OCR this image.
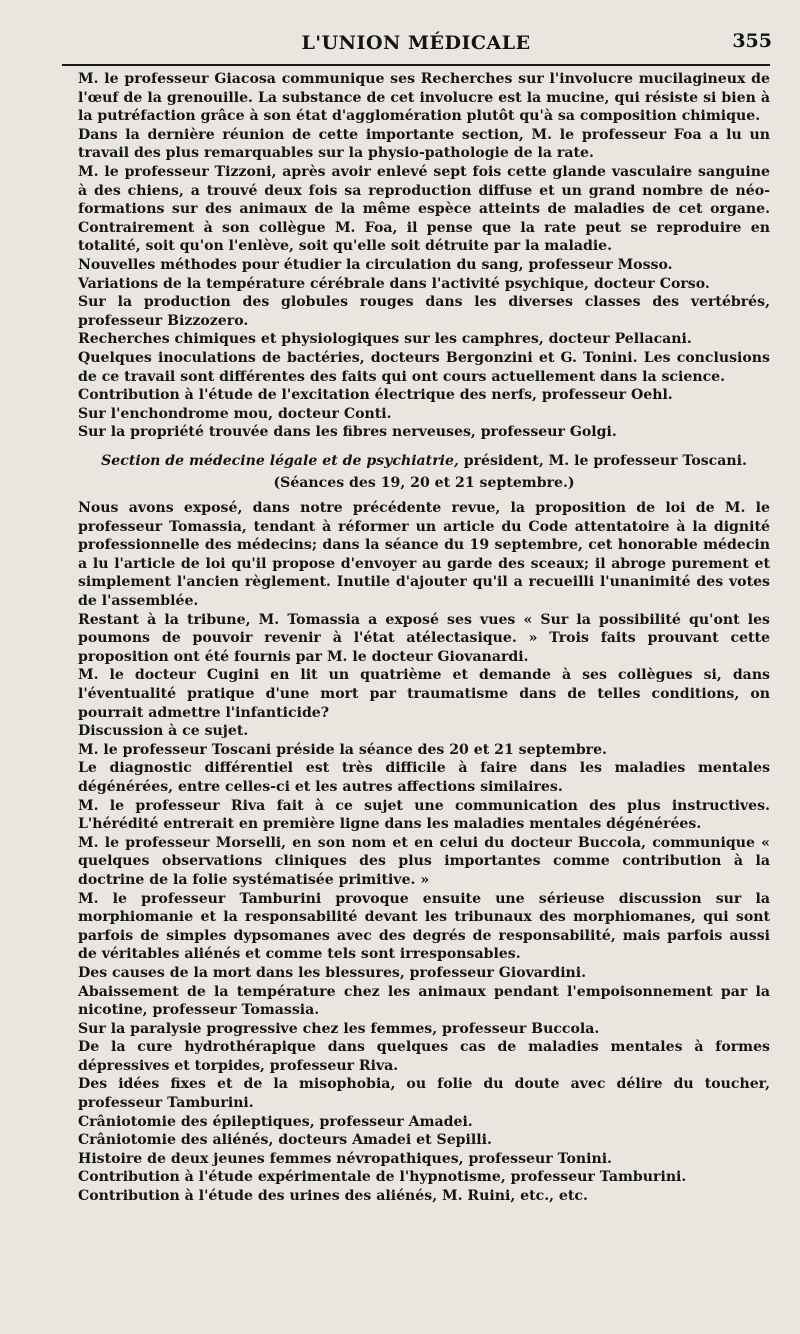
L'UNION MÉDICALE	355

M. le professeur Giacosa communique ses Recherches sur l'involucre mucilagineux de l'œuf de la grenouille. La substance de cet involucre est la mucine, qui résiste si bien à la putréfaction grâce à son état d'agglomération plutôt qu'à sa composition chimique.

Dans la dernière réunion de cette importante section, M. le professeur Foa a lu un travail des plus remarquables sur la physio-pathologie de la rate.

M. le professeur Tizzoni, après avoir enlevé sept fois cette glande vasculaire sanguine à des chiens, a trouvé deux fois sa reproduction diffuse et un grand nombre de néo-formations sur des animaux de la même espèce atteints de maladies de cet organe. Contrairement à son collègue M. Foa, il pense que la rate peut se reproduire en totalité, soit qu'on l'enlève, soit qu'elle soit détruite par la maladie.

Nouvelles méthodes pour étudier la circulation du sang, professeur Mosso.

Variations de la température cérébrale dans l'activité psychique, docteur Corso.

Sur la production des globules rouges dans les diverses classes des vertébrés, professeur Bizzozero.

Recherches chimiques et physiologiques sur les camphres, docteur Pellacani.

Quelques inoculations de bactéries, docteurs Bergonzini et G. Tonini. Les conclusions de ce travail sont différentes des faits qui ont cours actuellement dans la science.

Contribution à l'étude de l'excitation électrique des nerfs, professeur Oehl.

Sur l'enchondrome mou, docteur Conti.

Sur la propriété trouvée dans les fibres nerveuses, professeur Golgi.

Section de médecine légale et de psychiatrie, président, M. le professeur Toscani.

(Séances des 19, 20 et 21 septembre.)

Nous avons exposé, dans notre précédente revue, la proposition de loi de M. le professeur Tomassia, tendant à réformer un article du Code attentatoire à la dignité professionnelle des médecins; dans la séance du 19 septembre, cet honorable médecin a lu l'article de loi qu'il propose d'envoyer au garde des sceaux; il abroge purement et simplement l'ancien règlement. Inutile d'ajouter qu'il a recueilli l'unanimité des votes de l'assemblée.

Restant à la tribune, M. Tomassia a exposé ses vues « Sur la possibilité qu'ont les poumons de pouvoir revenir à l'état atélectasique. » Trois faits prouvant cette proposition ont été fournis par M. le docteur Giovanardi.

M. le docteur Cugini en lit un quatrième et demande à ses collègues si, dans l'éventualité pratique d'une mort par traumatisme dans de telles conditions, on pourrait admettre l'infanticide?

Discussion à ce sujet.

M. le professeur Toscani préside la séance des 20 et 21 septembre.

Le diagnostic différentiel est très difficile à faire dans les maladies mentales dégénérées, entre celles-ci et les autres affections similaires.

M. le professeur Riva fait à ce sujet une communication des plus instructives. L'hérédité entrerait en première ligne dans les maladies mentales dégénérées.

M. le professeur Morselli, en son nom et en celui du docteur Buccola, communique « quelques observations cliniques des plus importantes comme contribution à la doctrine de la folie systématisée primitive. »

M. le professeur Tamburini provoque ensuite une sérieuse discussion sur la morphiomanie et la responsabilité devant les tribunaux des morphiomanes, qui sont parfois de simples dypsomanes avec des degrés de responsabilité, mais parfois aussi de véritables aliénés et comme tels sont irresponsables.

Des causes de la mort dans les blessures, professeur Giovardini.

Abaissement de la température chez les animaux pendant l'empoisonnement par la nicotine, professeur Tomassia.

Sur la paralysie progressive chez les femmes, professeur Buccola.

De la cure hydrothérapique dans quelques cas de maladies mentales à formes dépressives et torpides, professeur Riva.

Des idées fixes et de la misophobia, ou folie du doute avec délire du toucher, professeur Tamburini.

Crâniotomie des épileptiques, professeur Amadei.

Crâniotomie des aliénés, docteurs Amadei et Sepilli.

Histoire de deux jeunes femmes névropathiques, professeur Tonini.

Contribution à l'étude expérimentale de l'hypnotisme, professeur Tamburini.

Contribution à l'étude des urines des aliénés, M. Ruini, etc., etc.
